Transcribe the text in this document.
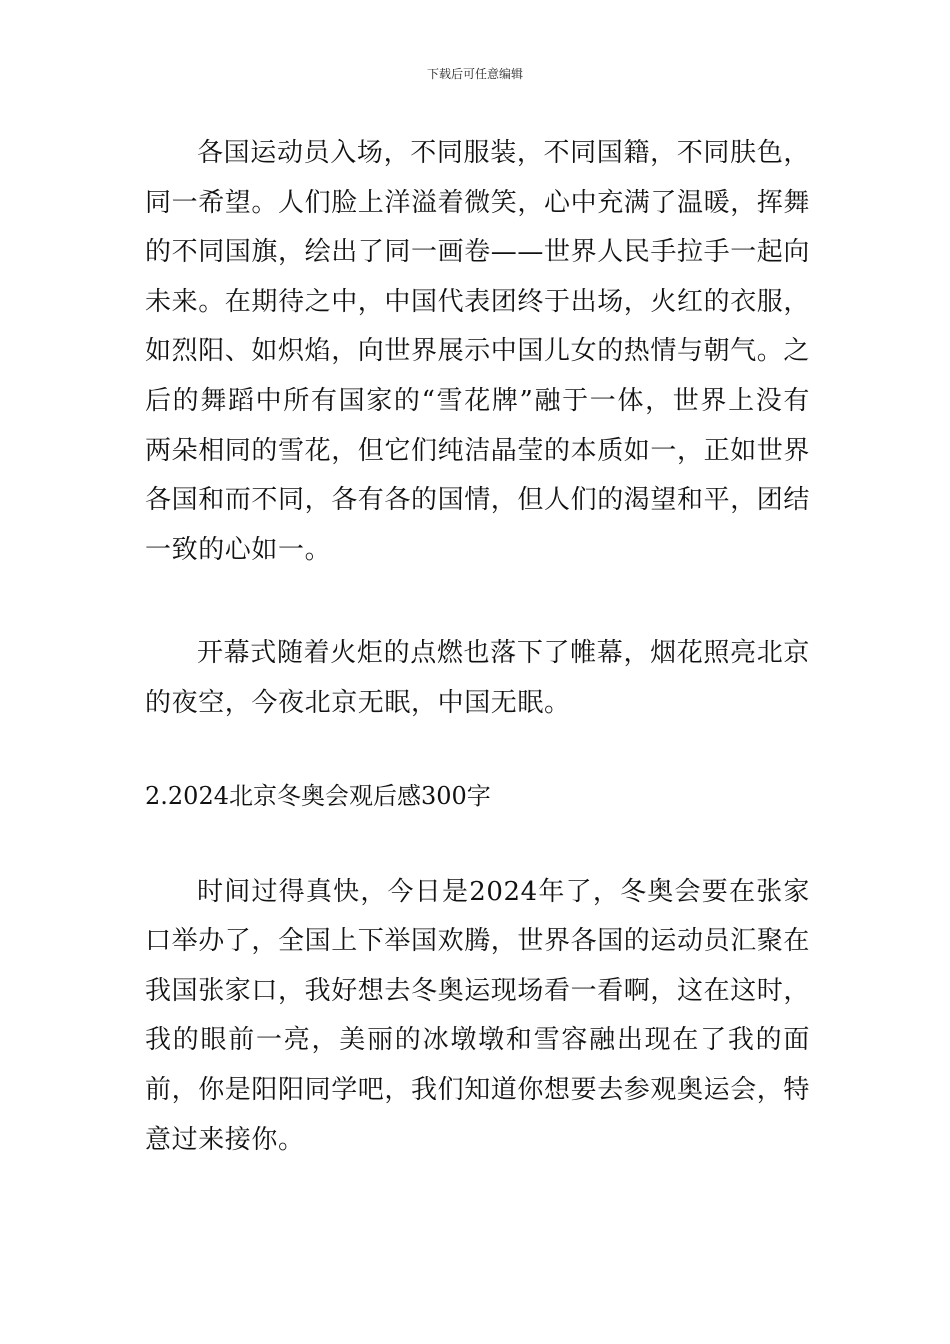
下载后可任意编辑

各国运动员入场，不同服装，不同国籍，不同肤色，同一希望。人们脸上洋溢着微笑，心中充满了温暖，挥舞的不同国旗，绘出了同一画卷——世界人民手拉手一起向未来。在期待之中，中国代表团终于出场，火红的衣服，如烈阳、如炽焰，向世界展示中国儿女的热情与朝气。之后的舞蹈中所有国家的“雪花牌”融于一体，世界上没有两朵相同的雪花，但它们纯洁晶莹的本质如一，正如世界各国和而不同，各有各的国情，但人们的渴望和平，团结一致的心如一。

开幕式随着火炬的点燃也落下了帷幕，烟花照亮北京的夜空，今夜北京无眠，中国无眠。

2.2024北京冬奥会观后感300字

时间过得真快，今日是2024年了，冬奥会要在张家口举办了，全国上下举国欢腾，世界各国的运动员汇聚在我国张家口，我好想去冬奥运现场看一看啊，这在这时，我的眼前一亮，美丽的冰墩墩和雪容融出现在了我的面前，你是阳阳同学吧，我们知道你想要去参观奥运会，特意过来接你。
